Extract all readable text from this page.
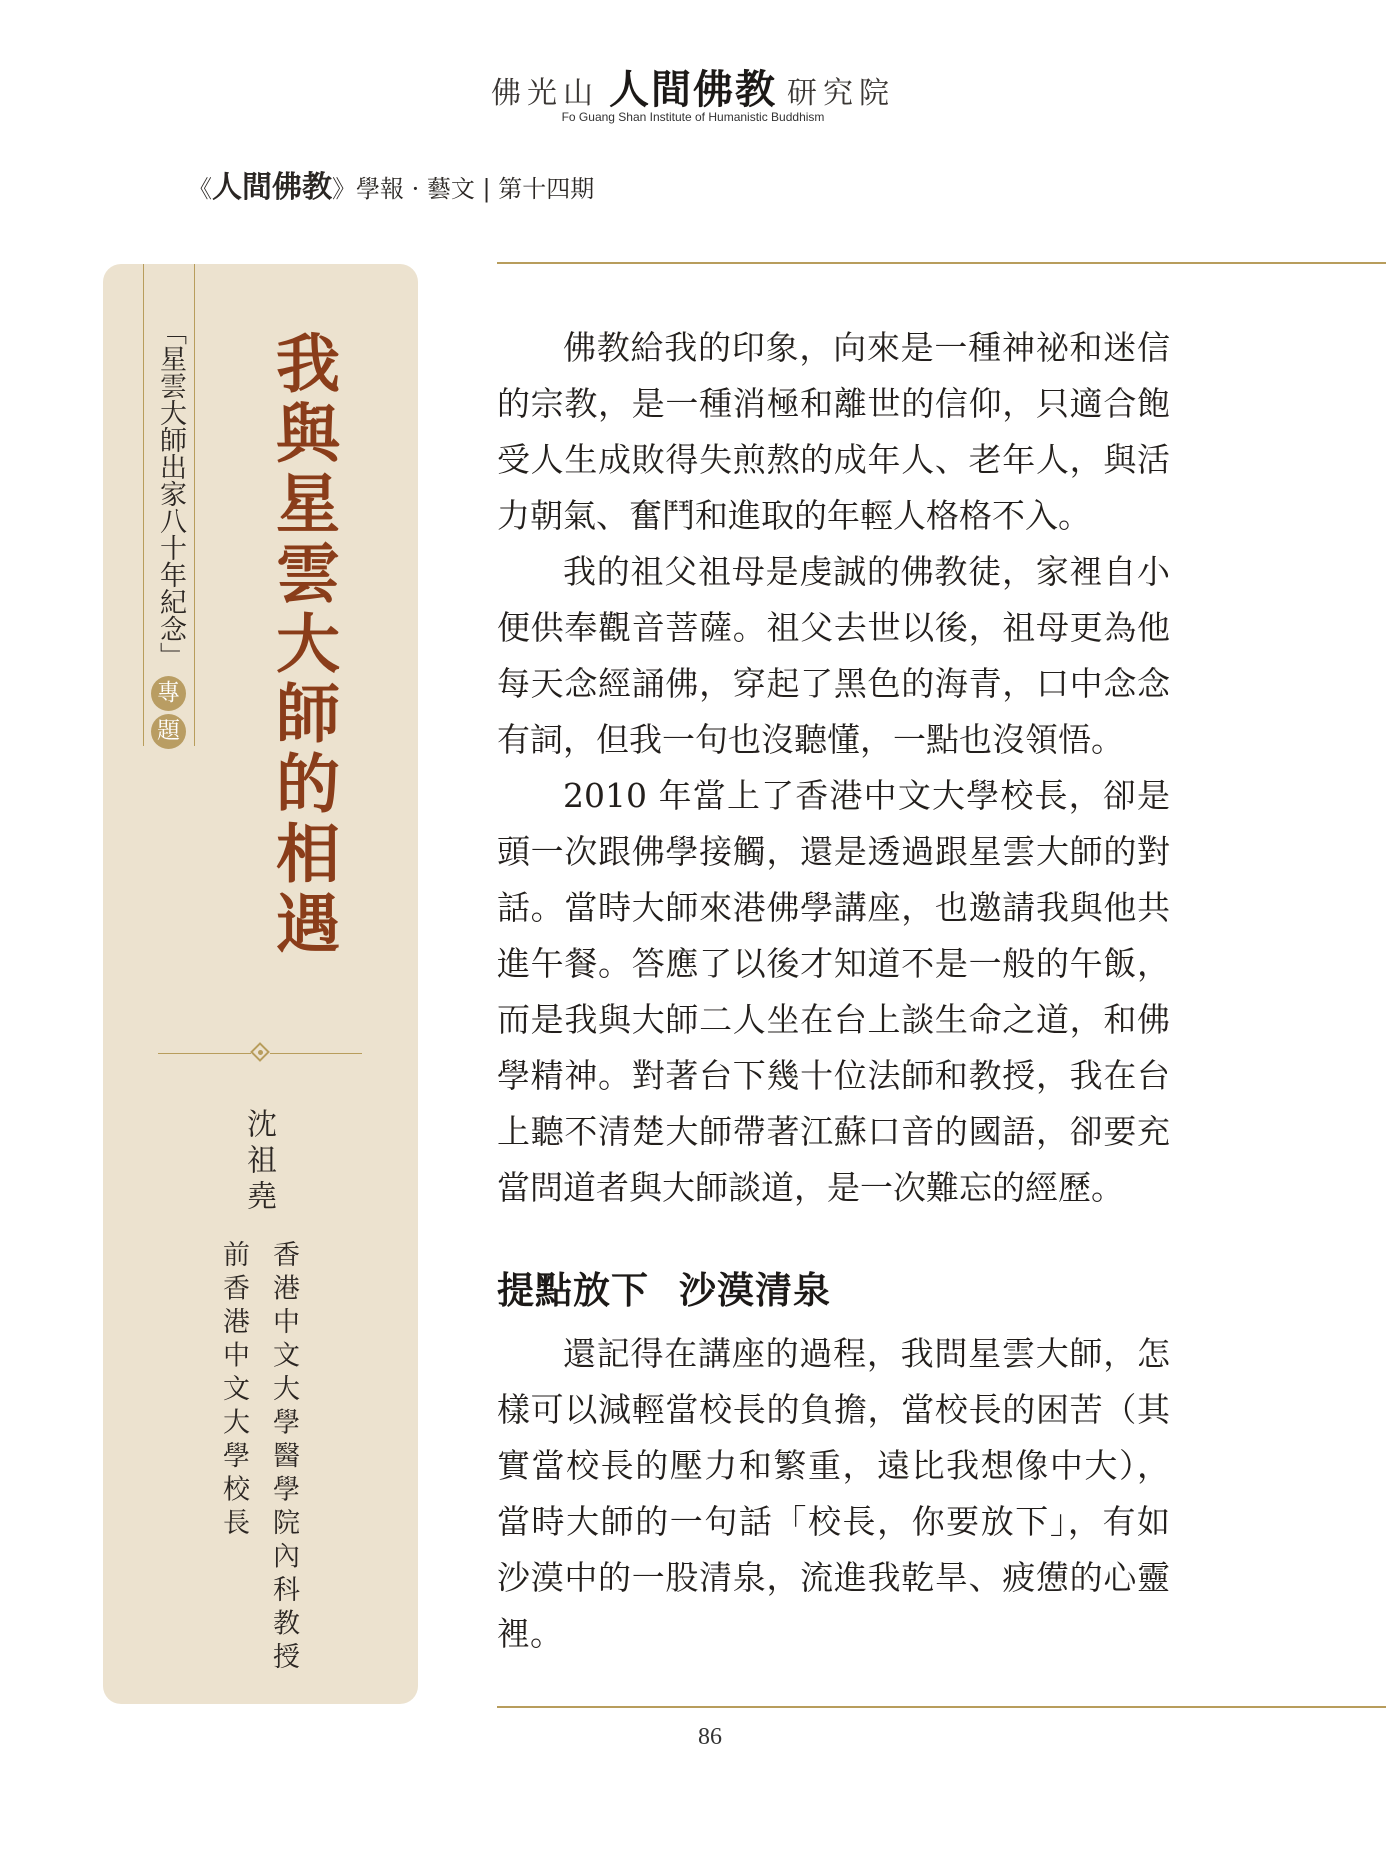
佛光山 人間佛教 研究院
Fo Guang Shan Institute of Humanistic Buddhism
《人間佛教》學報 · 藝文 | 第十四期
「星雲大師出家八十年紀念」
專
題 我與星雲大師的相遇
沈祖堯
香港中文大學醫學院內科教授
前香港中文大學校長

佛教給我的印象，向來是一種神祕和迷信的宗教，是一種消極和離世的信仰，只適合飽受人生成敗得失煎熬的成年人、老年人，與活力朝氣、奮鬥和進取的年輕人格格不入。

我的祖父祖母是虔誠的佛教徒，家裡自小便供奉觀音菩薩。祖父去世以後，祖母更為他每天念經誦佛，穿起了黑色的海青，口中念念有詞，但我一句也沒聽懂，一點也沒領悟。

2010 年當上了香港中文大學校長，卻是頭一次跟佛學接觸，還是透過跟星雲大師的對話。當時大師來港佛學講座，也邀請我與他共進午餐。答應了以後才知道不是一般的午飯，而是我與大師二人坐在台上談生命之道，和佛學精神。對著台下幾十位法師和教授，我在台上聽不清楚大師帶著江蘇口音的國語，卻要充當問道者與大師談道，是一次難忘的經歷。

提點放下 沙漠清泉

還記得在講座的過程，我問星雲大師，怎樣可以減輕當校長的負擔，當校長的困苦（其實當校長的壓力和繁重，遠比我想像中大），當時大師的一句話「校長，你要放下」，有如沙漠中的一股清泉，流進我乾旱、疲憊的心靈裡。

86
